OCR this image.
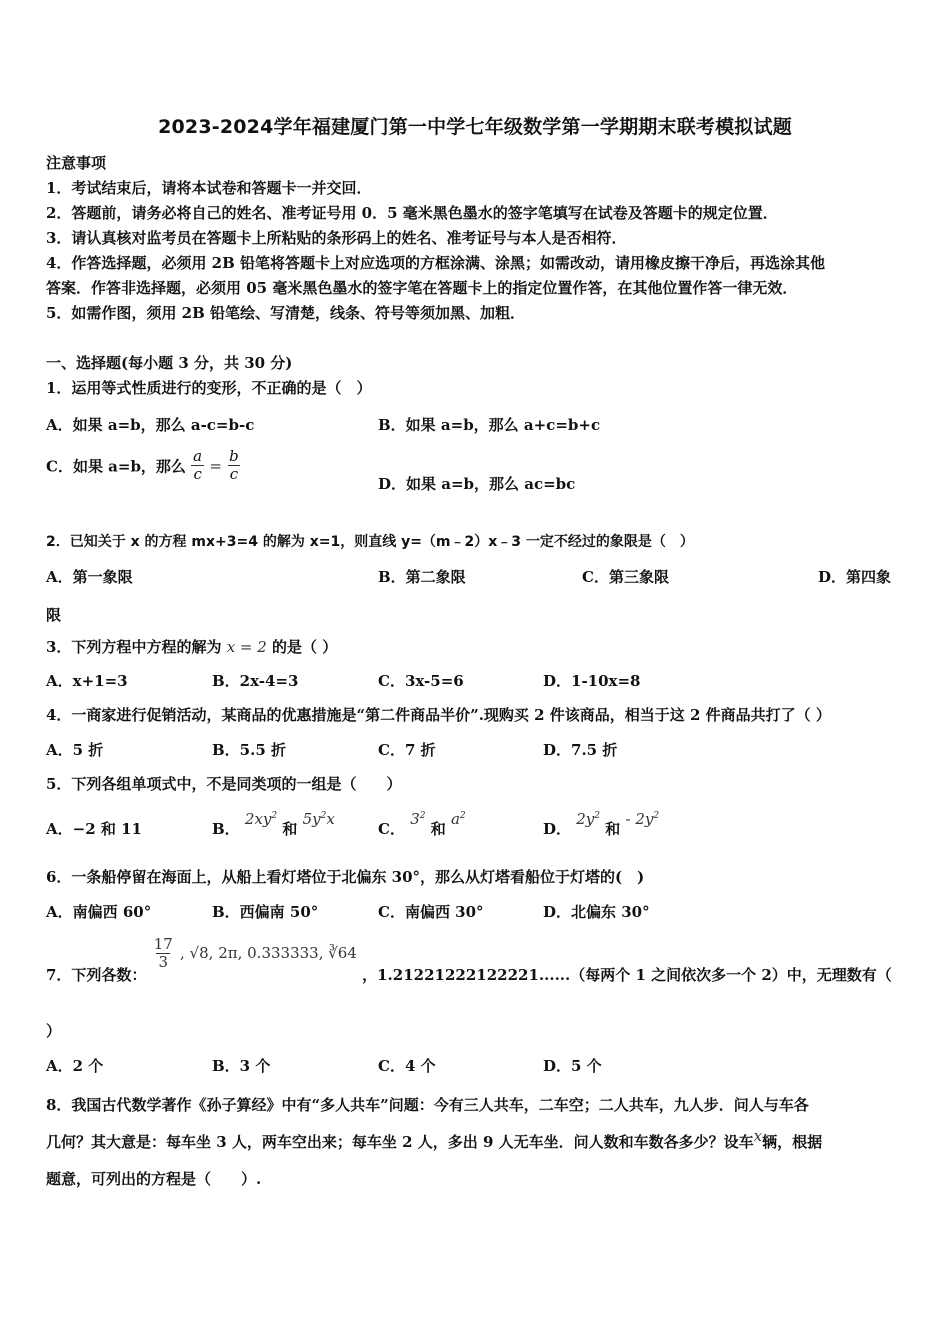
2023-2024学年福建厦门第一中学七年级数学第一学期期末联考模拟试题
注意事项
1．考试结束后，请将本试卷和答题卡一并交回．
2．答题前，请务必将自己的姓名、准考证号用 0．5 毫米黑色墨水的签字笔填写在试卷及答题卡的规定位置．
3．请认真核对监考员在答题卡上所粘贴的条形码上的姓名、准考证号与本人是否相符．
4．作答选择题，必须用 2B 铅笔将答题卡上对应选项的方框涂满、涂黑；如需改动，请用橡皮擦干净后，再选涂其他
答案．作答非选择题，必须用 05 毫米黑色墨水的签字笔在答题卡上的指定位置作答，在其他位置作答一律无效．
5．如需作图，须用 2B 铅笔绘、写清楚，线条、符号等须加黑、加粗．
一、选择题(每小题 3 分，共 30 分)
1．运用等式性质进行的变形，不正确的是（　）
A．如果 a=b，那么 a-c=b-c	B．如果 a=b，那么 a+c=b+c
C．如果 a=b，那么 $\frac{a}{c} = \frac{b}{c}$
D．如果 a=b，那么 ac=bc
2．已知关于 x 的方程 mx+3=4 的解为 x=1，则直线 y=（m﹣2）x﹣3 一定不经过的象限是（　）
A．第一象限	B．第二象限	C．第三象限	D．第四象
限
3．下列方程中方程的解为 x = 2 的是（ ）
A．x+1=3	B．2x-4=3	C．3x-5=6	D．1-10x=8
4．一商家进行促销活动，某商品的优惠措施是“第二件商品半价”.现购买 2 件该商品，相当于这 2 件商品共打了（ ）
A．5 折	B．5.5 折	C．7 折	D．7.5 折
5．下列各组单项式中，不是同类项的一组是（　　）
A．−2 和 11	B． $2xy^2$ 和 $5y^2x$
C． $3^2$ 和 $a^2$
D． $2y^2$ 和 - $2y^2$
6．一条船停留在海面上，从船上看灯塔位于北偏东 30°，那么从灯塔看船位于灯塔的(　)
A．南偏西 60°	B．西偏南 50°	C．南偏西 30°	D．北偏东 30°
7．下列各数：
$\frac{17}{3}$ , √8, 2π, 0.333333, ∛64 ，1.21221222122221......（每两个 1 之间依次多一个 2）中，无理数有（
）
A．2 个	B．3 个	C．4 个	D．5 个
8．我国古代数学著作《孙子算经》中有“多人共车”问题：今有三人共车，二车空；二人共车，九人步．问人与车各
几何？其大意是：每车坐 3 人，两车空出来；每车坐 2 人，多出 9 人无车坐．问人数和车数各多少？设车x辆，根据
题意，可列出的方程是（　　）.
